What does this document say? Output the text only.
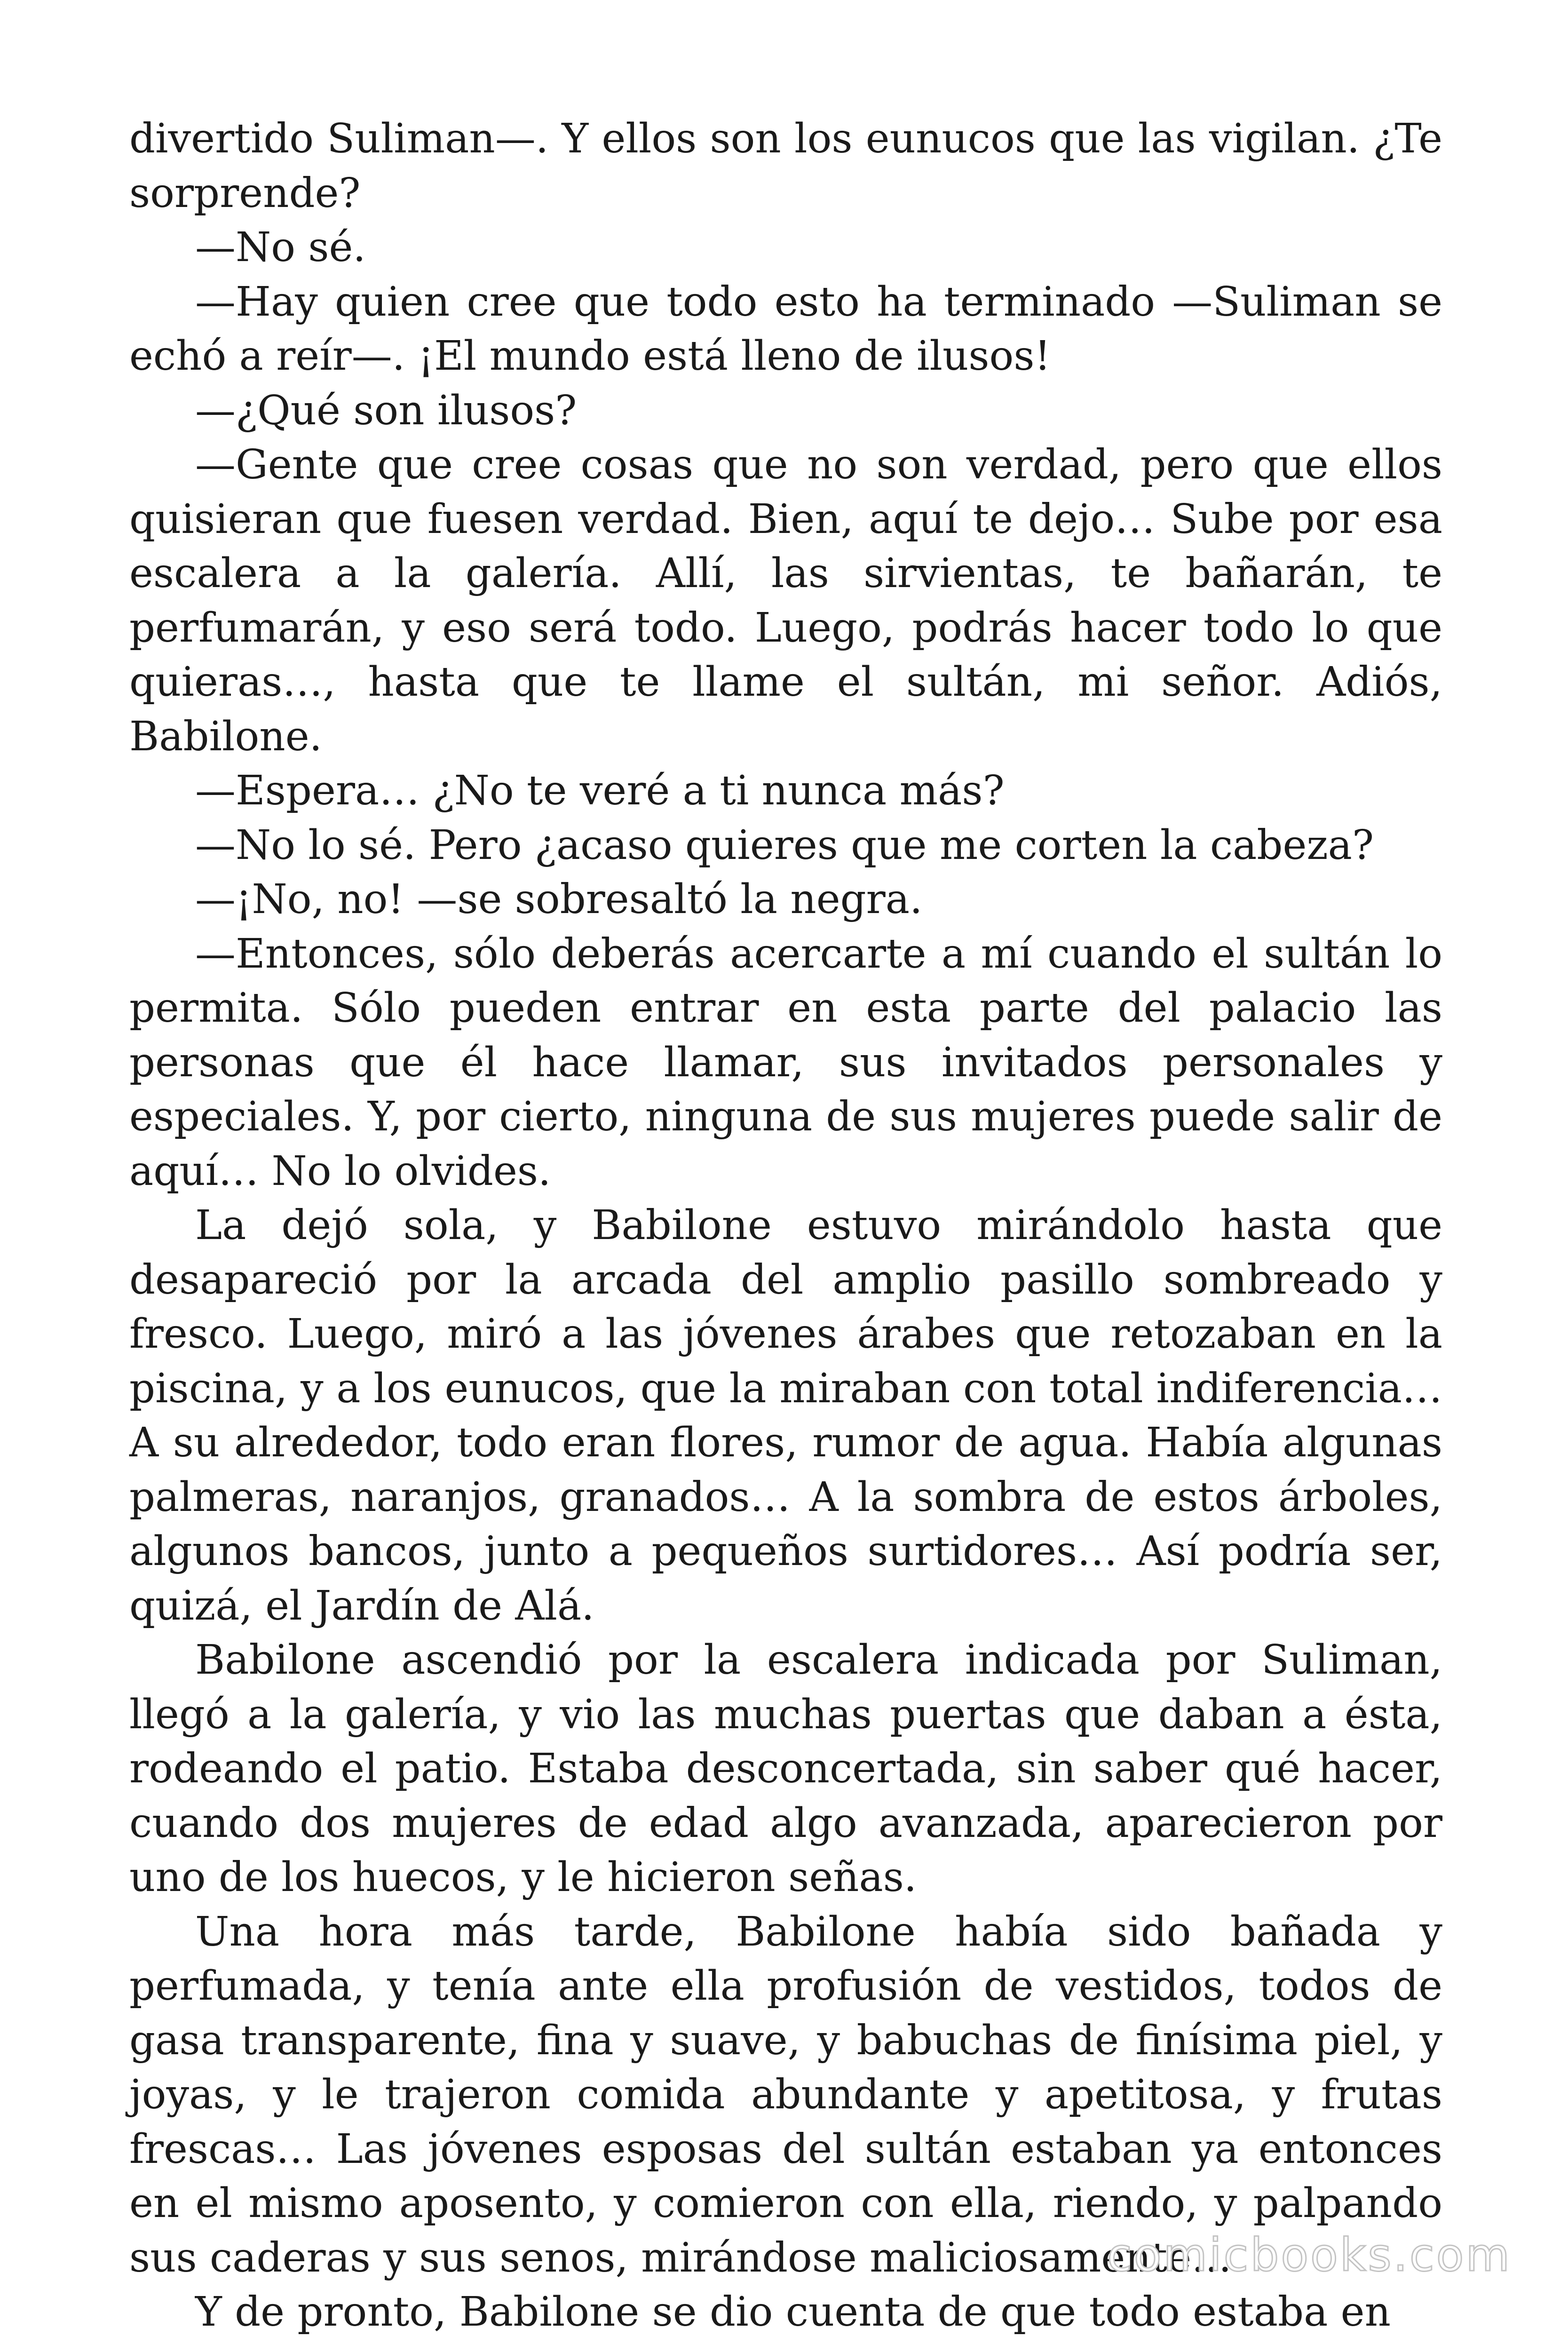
divertido Suliman—. Y ellos son los eunucos que las vigilan. ¿Te sorprende?

—No sé.

—Hay quien cree que todo esto ha terminado —Suliman se echó a reír—. ¡El mundo está lleno de ilusos!

—¿Qué son ilusos?

—Gente que cree cosas que no son verdad, pero que ellos quisieran que fuesen verdad. Bien, aquí te dejo… Sube por esa escalera a la galería. Allí, las sirvientas, te bañarán, te perfumarán, y eso será todo. Luego, podrás hacer todo lo que quieras…, hasta que te llame el sultán, mi señor. Adiós, Babilone.

—Espera… ¿No te veré a ti nunca más?

—No lo sé. Pero ¿acaso quieres que me corten la cabeza?

—¡No, no! —se sobresaltó la negra.

—Entonces, sólo deberás acercarte a mí cuando el sultán lo permita. Sólo pueden entrar en esta parte del palacio las personas que él hace llamar, sus invitados personales y especiales. Y, por cierto, ninguna de sus mujeres puede salir de aquí… No lo olvides.

La dejó sola, y Babilone estuvo mirándolo hasta que desapareció por la arcada del amplio pasillo sombreado y fresco. Luego, miró a las jóvenes árabes que retozaban en la piscina, y a los eunucos, que la miraban con total indiferencia… A su alrededor, todo eran flores, rumor de agua. Había algunas palmeras, naranjos, granados… A la sombra de estos árboles, algunos bancos, junto a pequeños surtidores… Así podría ser, quizá, el Jardín de Alá.

Babilone ascendió por la escalera indicada por Suliman, llegó a la galería, y vio las muchas puertas que daban a ésta, rodeando el patio. Estaba desconcertada, sin saber qué hacer, cuando dos mujeres de edad algo avanzada, aparecieron por uno de los huecos, y le hicieron señas.

Una hora más tarde, Babilone había sido bañada y perfumada, y tenía ante ella profusión de vestidos, todos de gasa transparente, fina y suave, y babuchas de finísima piel, y joyas, y le trajeron comida abundante y apetitosa, y frutas frescas… Las jóvenes esposas del sultán estaban ya entonces en el mismo aposento, y comieron con ella, riendo, y palpando sus caderas y sus senos, mirándose maliciosamente…

Y de pronto, Babilone se dio cuenta de que todo estaba en

comicbooks.com
